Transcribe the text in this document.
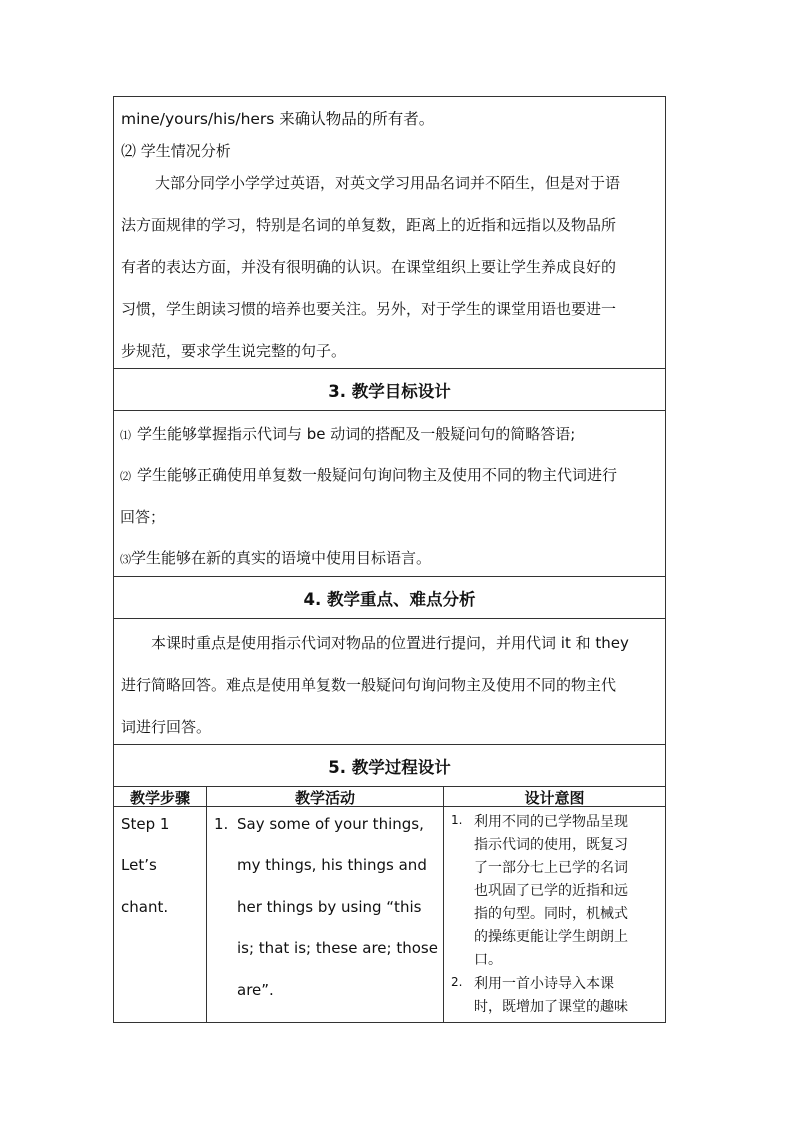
mine/yours/his/hers 来确认物品的所有者。
⑵ 学生情况分析
大部分同学小学学过英语，对英文学习用品名词并不陌生，但是对于语
法方面规律的学习，特别是名词的单复数，距离上的近指和远指以及物品所
有者的表达方面，并没有很明确的认识。在课堂组织上要让学生养成良好的
习惯，学生朗读习惯的培养也要关注。另外，对于学生的课堂用语也要进一
步规范，要求学生说完整的句子。
3. 教学目标设计
⑴ 学生能够掌握指示代词与 be 动词的搭配及一般疑问句的简略答语;
⑵ 学生能够正确使用单复数一般疑问句询问物主及使用不同的物主代词进行
回答；
⑶学生能够在新的真实的语境中使用目标语言。
4. 教学重点、难点分析
本课时重点是使用指示代词对物品的位置进行提问，并用代词 it 和 they
进行简略回答。难点是使用单复数一般疑问句询问物主及使用不同的物主代
词进行回答。
5. 教学过程设计
教学步骤	教学活动	设计意图
Step 1
Let’s
chant.
1. Say some of your things,
my things, his things and
her things by using “this
is; that is; these are; those
are”.
1. 利用不同的已学物品呈现
指示代词的使用，既复习
了一部分七上已学的名词
也巩固了已学的近指和远
指的句型。同时，机械式
的操练更能让学生朗朗上
口。
2. 利用一首小诗导入本课
时，既增加了课堂的趣味
